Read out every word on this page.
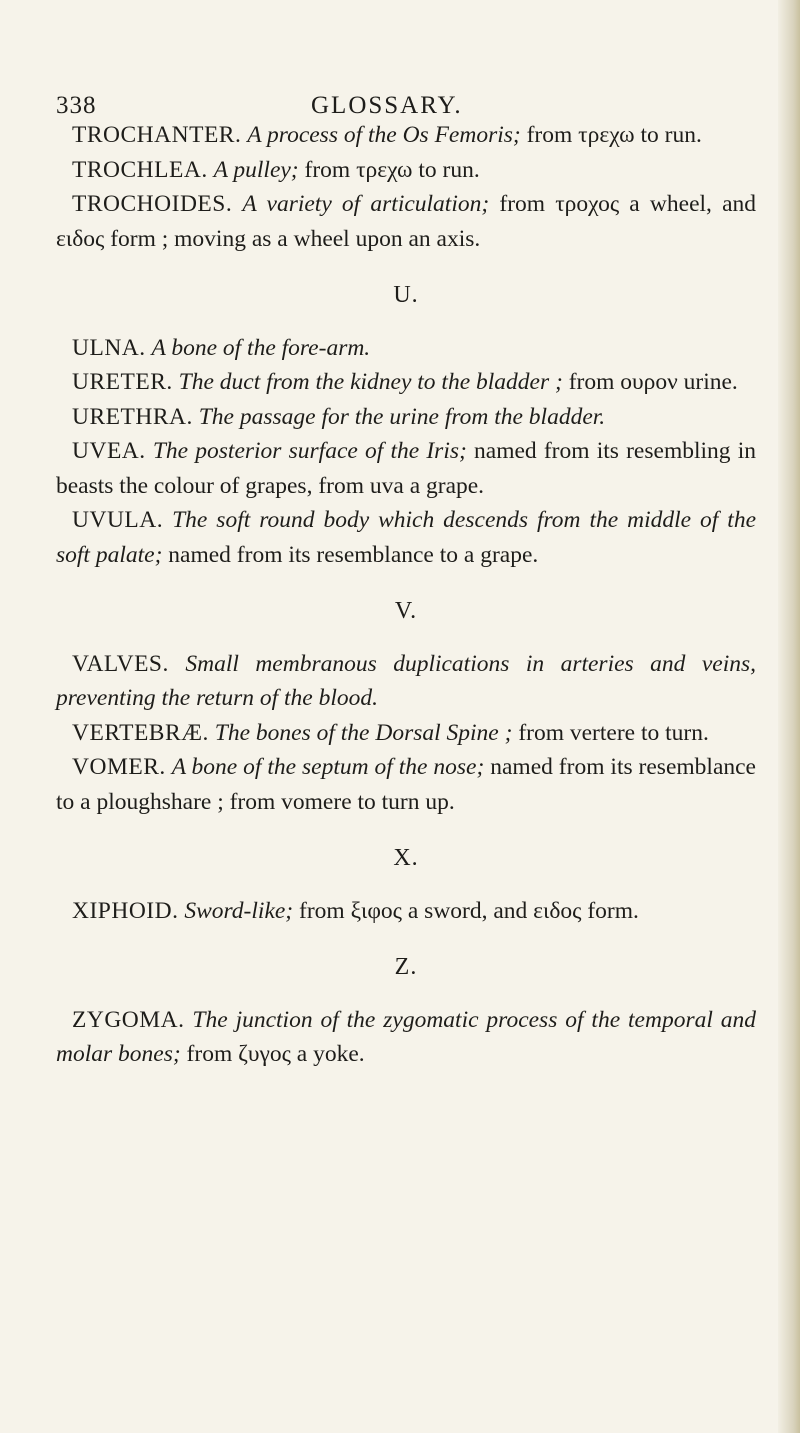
338	GLOSSARY.

TROCHANTER. A process of the Os Femoris; from τρεχω to run.

TROCHLEA. A pulley; from τρεχω to run.

TROCHOIDES. A variety of articulation; from τροχος a wheel, and ειδος form ; moving as a wheel upon an axis.

U.

ULNA. A bone of the fore-arm.

URETER. The duct from the kidney to the bladder ; from ουρον urine.

URETHRA. The passage for the urine from the bladder.

UVEA. The posterior surface of the Iris; named from its resembling in beasts the colour of grapes, from uva a grape.

UVULA. The soft round body which descends from the middle of the soft palate; named from its resemblance to a grape.

V.

VALVES. Small membranous duplications in arteries and veins, preventing the return of the blood.

VERTEBRÆ. The bones of the Dorsal Spine ; from vertere to turn.

VOMER. A bone of the septum of the nose; named from its resemblance to a ploughshare ; from vomere to turn up.

X.

XIPHOID. Sword-like; from ξιφος a sword, and ειδος form.

Z.

ZYGOMA. The junction of the zygomatic process of the temporal and molar bones; from ζυγος a yoke.
